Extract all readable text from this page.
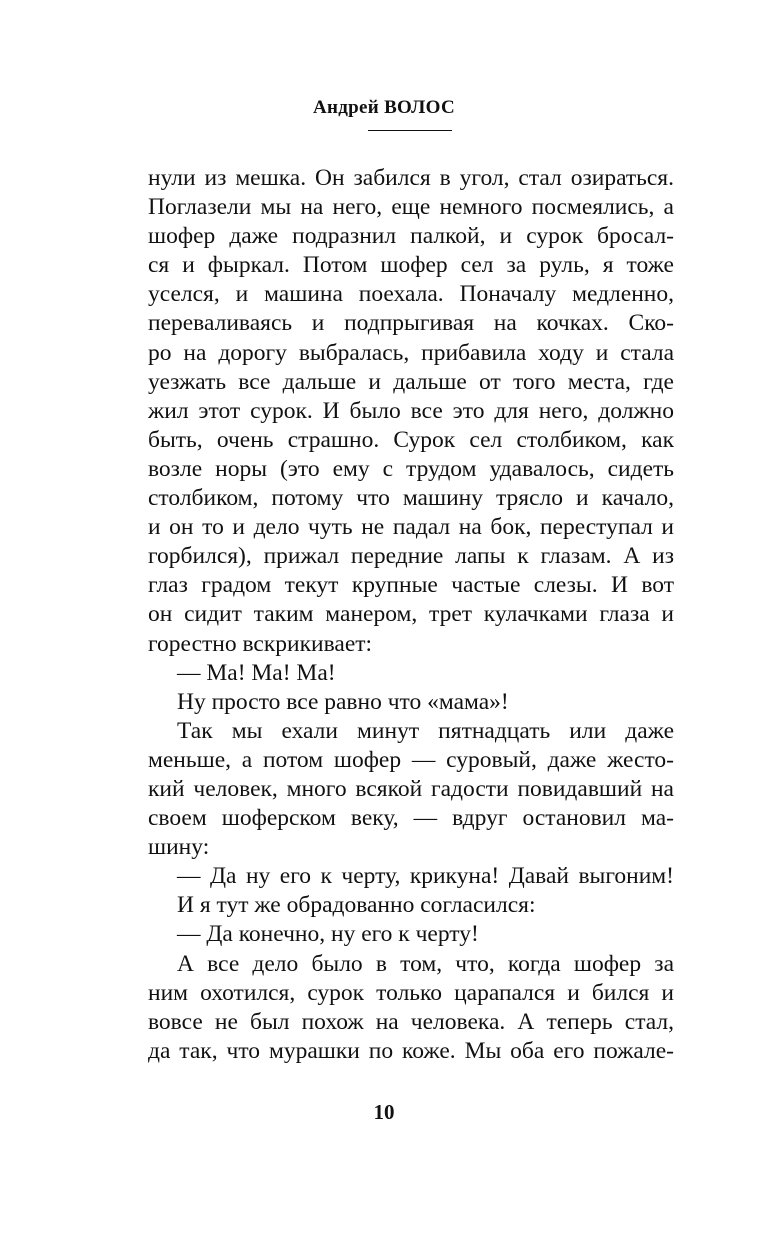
Андрей ВОЛОС
нули из мешка. Он забился в угол, стал озираться.
Поглазели мы на него, еще немного посмеялись, а
шофер даже подразнил палкой, и сурок бросал-
ся и фыркал. Потом шофер сел за руль, я тоже
уселся, и машина поехала. Поначалу медленно,
переваливаясь и подпрыгивая на кочках. Ско-
ро на дорогу выбралась, прибавила ходу и стала
уезжать все дальше и дальше от того места, где
жил этот сурок. И было все это для него, должно
быть, очень страшно. Сурок сел столбиком, как
возле норы (это ему с трудом удавалось, сидеть
столбиком, потому что машину трясло и качало,
и он то и дело чуть не падал на бок, переступал и
горбился), прижал передние лапы к глазам. А из
глаз градом текут крупные частые слезы. И вот
он сидит таким манером, трет кулачками глаза и
горестно вскрикивает:
— Ма! Ма! Ма!
Ну просто все равно что «мама»!
Так мы ехали минут пятнадцать или даже
меньше, а потом шофер — суровый, даже жесто-
кий человек, много всякой гадости повидавший на
своем шоферском веку, — вдруг остановил ма-
шину:
— Да ну его к черту, крикуна! Давай выгоним!
И я тут же обрадованно согласился:
— Да конечно, ну его к черту!
А все дело было в том, что, когда шофер за
ним охотился, сурок только царапался и бился и
вовсе не был похож на человека. А теперь стал,
да так, что мурашки по коже. Мы оба его пожале-
10
